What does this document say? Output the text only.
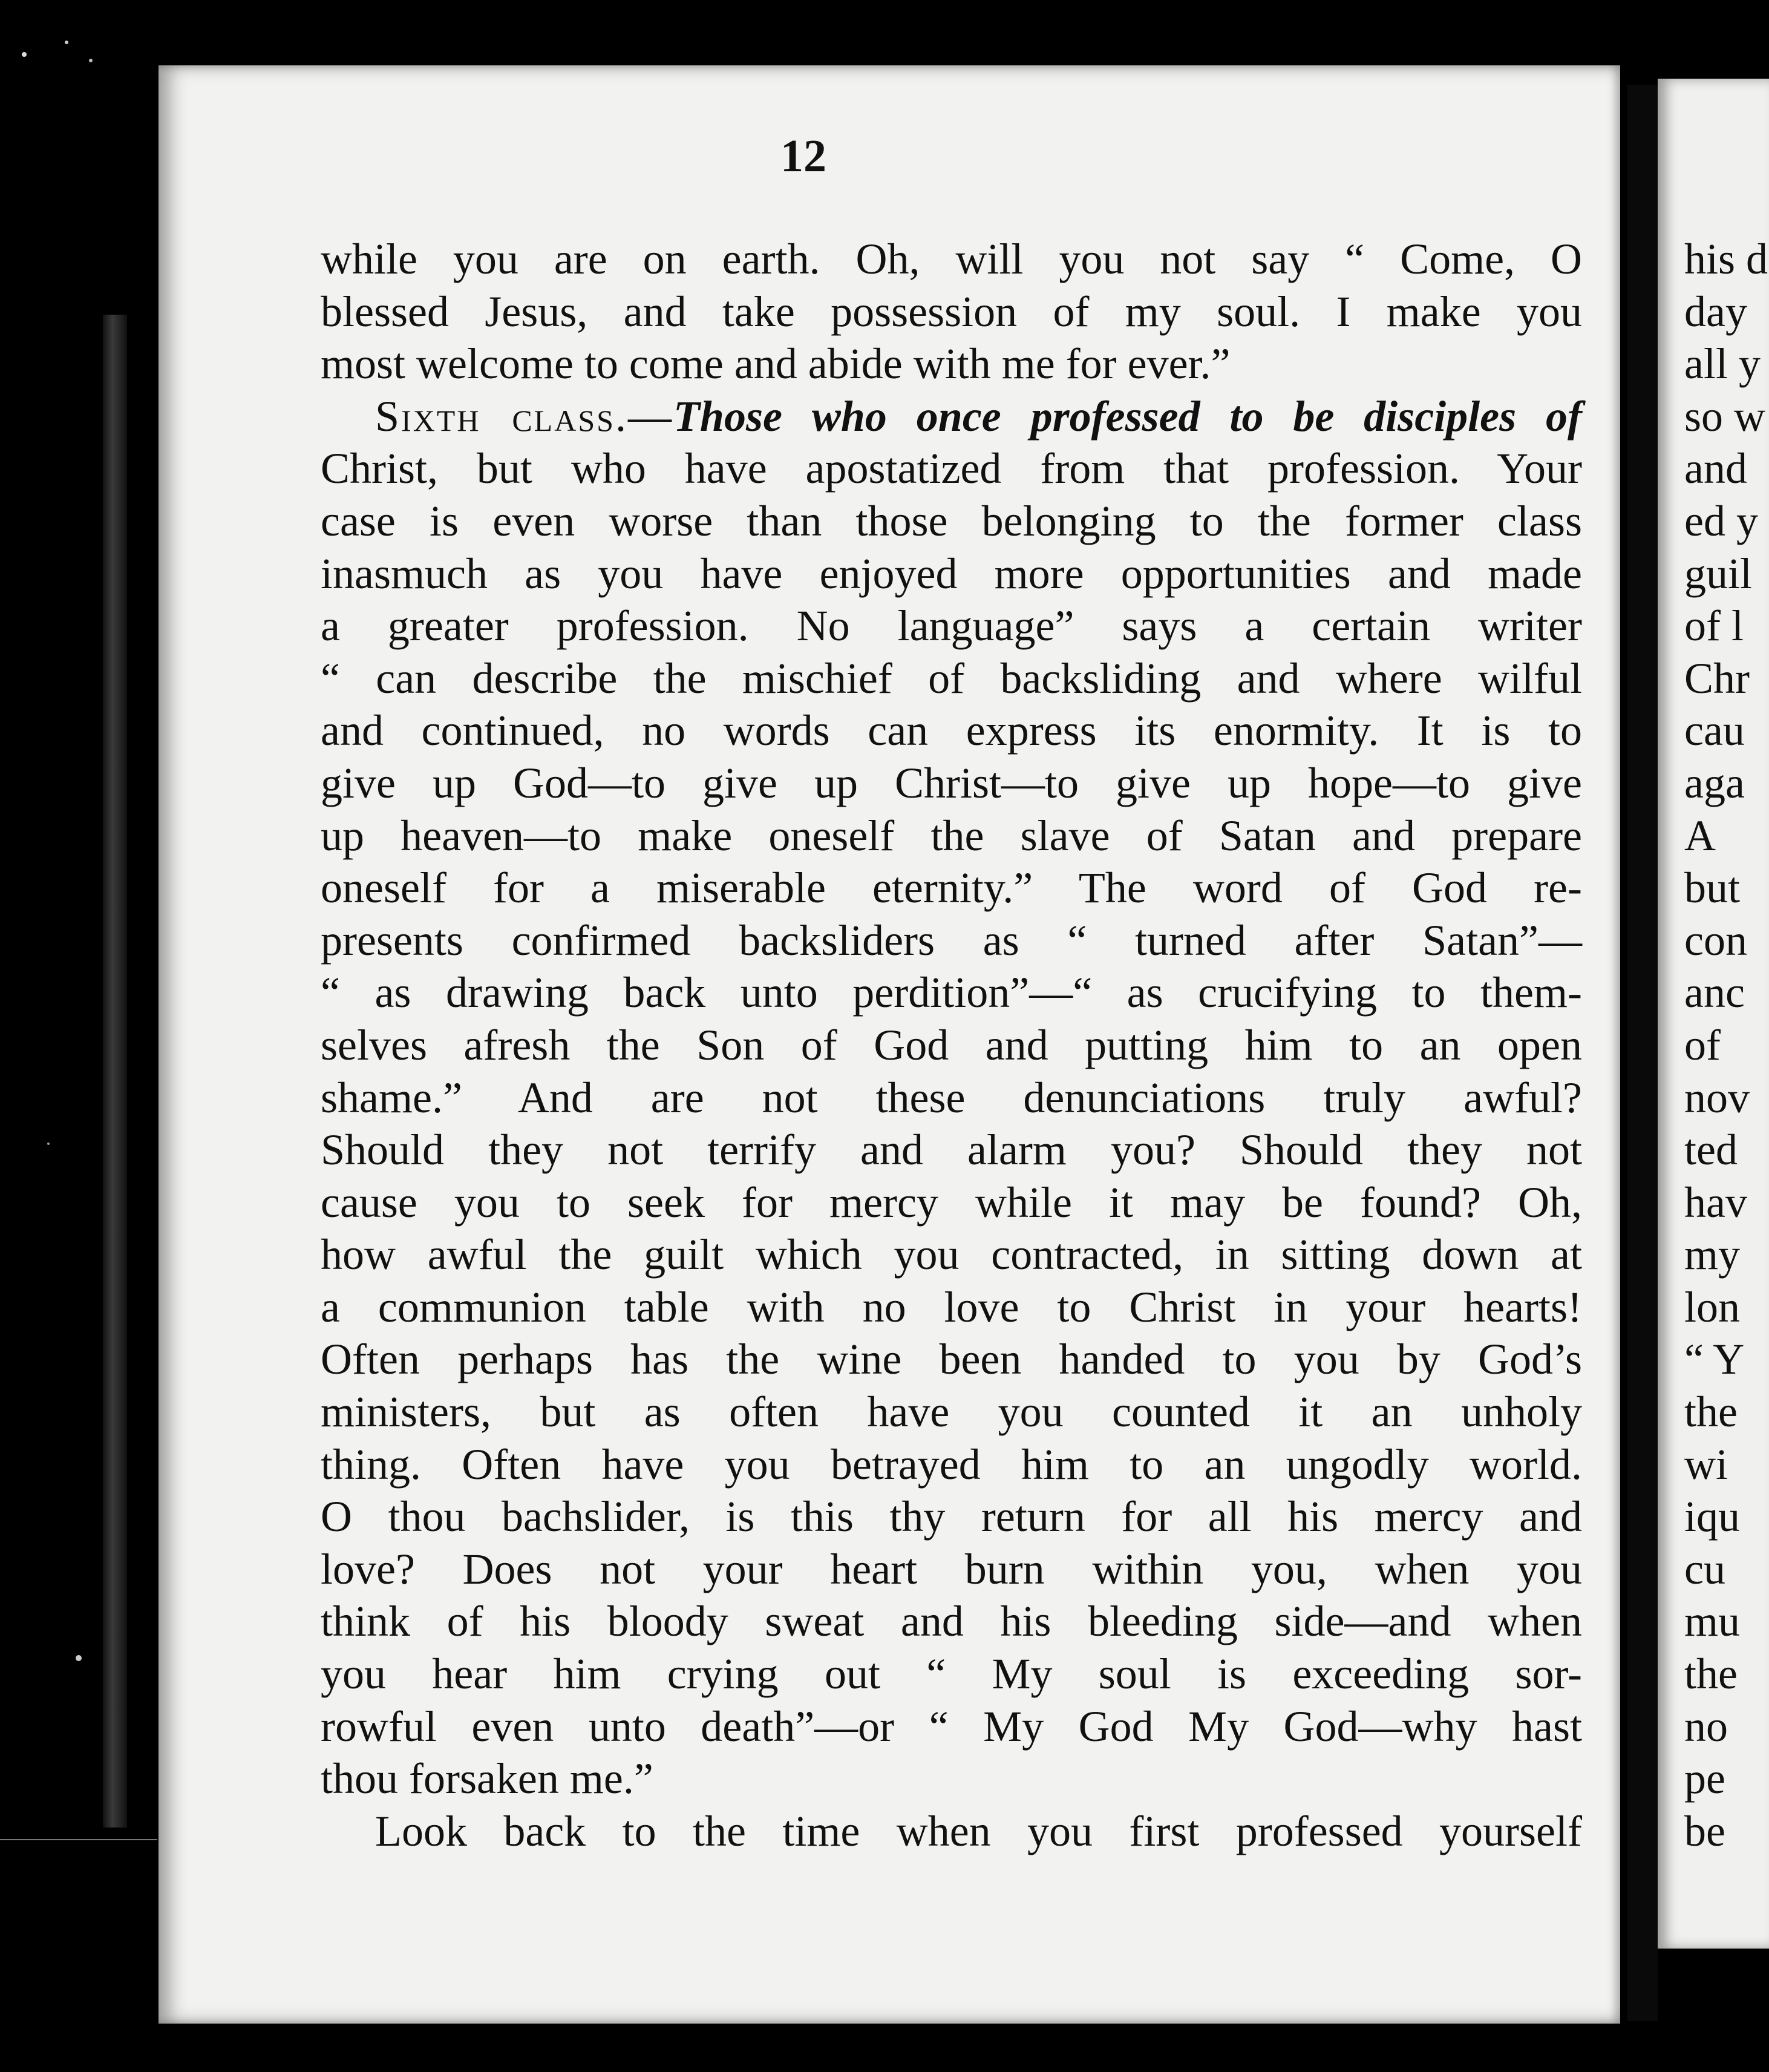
12
while you are on earth. Oh, will you not say “ Come, O
blessed Jesus, and take possession of my soul. I make you
most welcome to come and abide with me for ever.”
Sixth class.—Those who once professed to be disciples of
Christ, but who have apostatized from that profession. Your
case is even worse than those belonging to the former class
inasmuch as you have enjoyed more opportunities and made
a greater profession. No language” says a certain writer
“ can describe the mischief of backsliding and where wilful
and continued, no words can express its enormity. It is to
give up God—to give up Christ—to give up hope—to give
up heaven—to make oneself the slave of Satan and prepare
oneself for a miserable eternity.” The word of God re-
presents confirmed backsliders as “ turned after Satan”—
“ as drawing back unto perdition”—“ as crucifying to them-
selves afresh the Son of God and putting him to an open
shame.” And are not these denunciations truly awful?
Should they not terrify and alarm you? Should they not
cause you to seek for mercy while it may be found? Oh,
how awful the guilt which you contracted, in sitting down at
a communion table with no love to Christ in your hearts!
Often perhaps has the wine been handed to you by God’s
ministers, but as often have you counted it an unholy
thing. Often have you betrayed him to an ungodly world.
O thou bachslider, is this thy return for all his mercy and
love? Does not your heart burn within you, when you
think of his bloody sweat and his bleeding side—and when
you hear him crying out “ My soul is exceeding sor-
rowful even unto death”—or “ My God My God—why hast
thou forsaken me.”
Look back to the time when you first professed yourself
his d
day
all y
so w
and
ed y
guil
of l
Chr
cau
aga
A
but
con
anc
of
nov
ted
hav
my
lon
“ Y
the
wi
iqu
cu
mu
the
no
pe
be
